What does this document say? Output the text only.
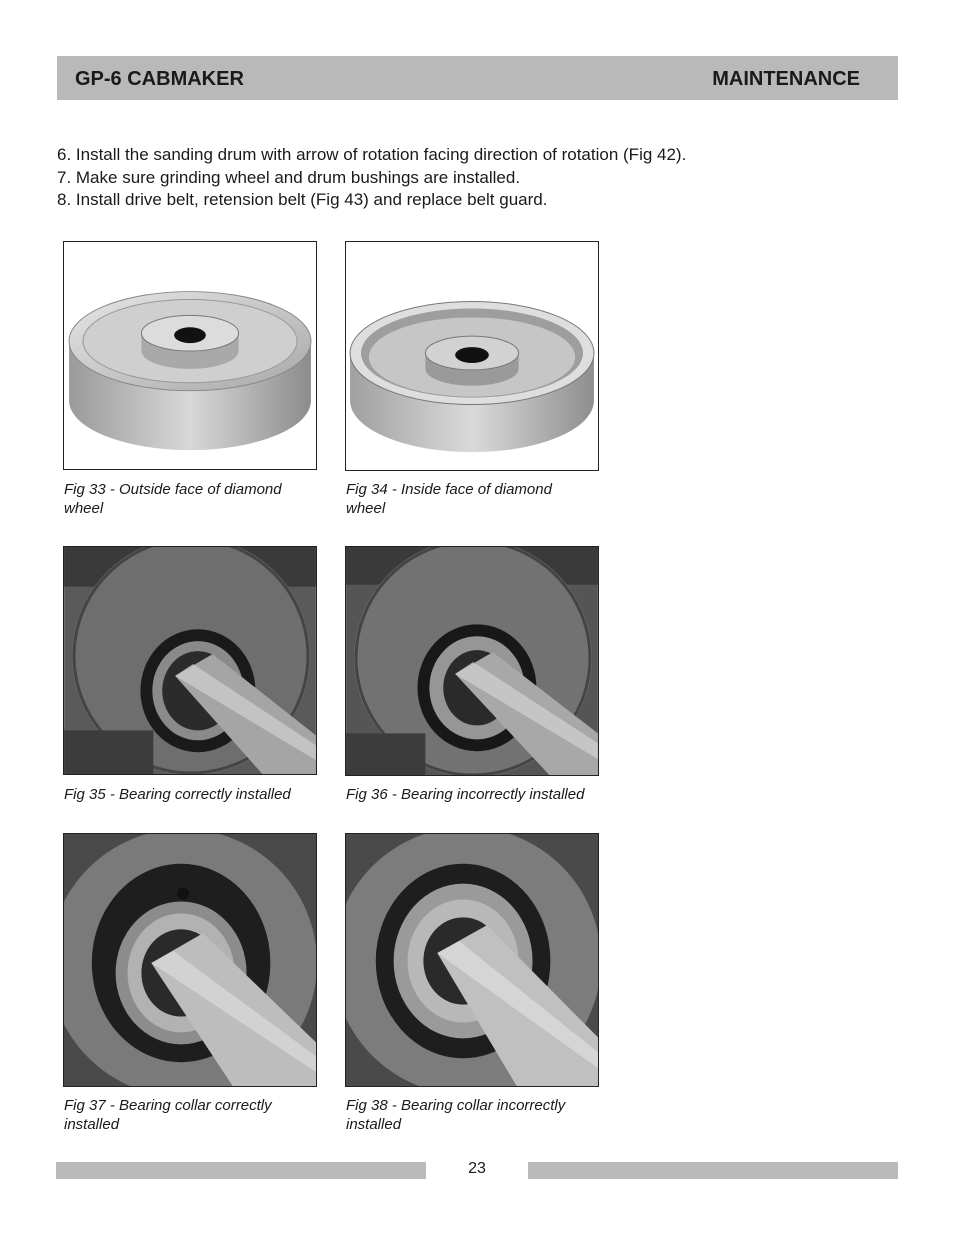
GP-6 CABMAKER	MAINTENANCE
6. Install the sanding drum with arrow of rotation facing direction of rotation (Fig 42).
7. Make sure grinding wheel and drum bushings are installed.
8. Install drive belt, retension belt (Fig 43) and replace belt guard.
Fig 33 - Outside face of diamond
wheel
Fig 34 - Inside face of diamond
wheel
Fig 35 - Bearing correctly installed	Fig 36 - Bearing incorrectly installed
Fig 37 - Bearing collar correctly
installed
Fig 38 - Bearing collar incorrectly
installed
23
